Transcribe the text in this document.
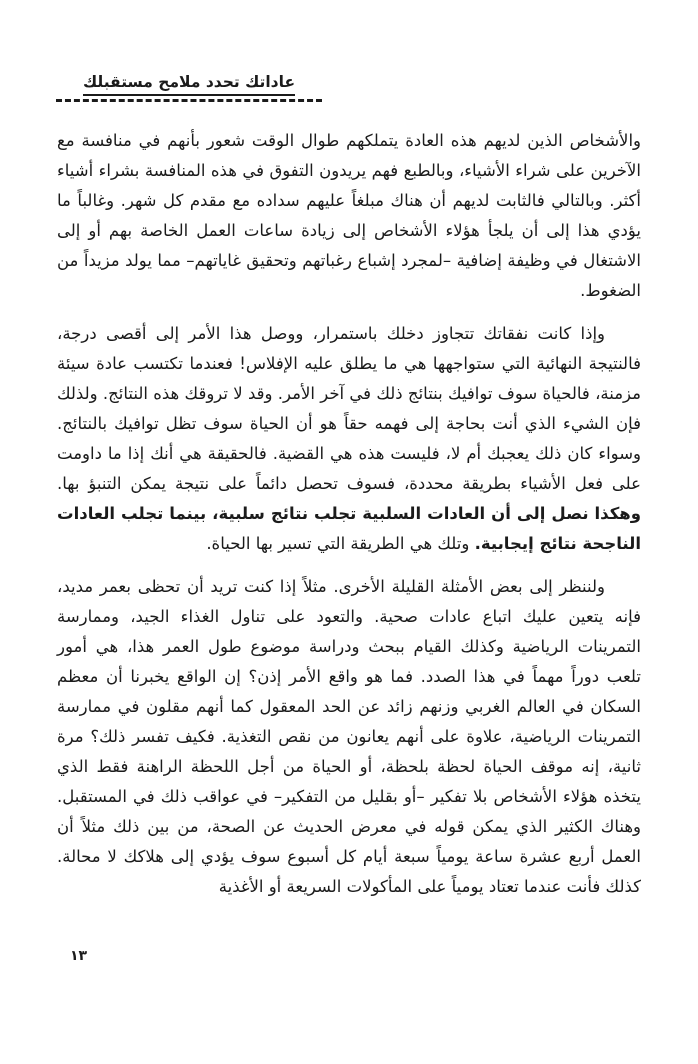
عاداتك تحدد ملامح مستقبلك

والأشخاص الذين لديهم هذه العادة يتملكهم طوال الوقت شعور بأنهم في منافسة مع الآخرين على شراء الأشياء، وبالطبع فهم يريدون التفوق في هذه المنافسة بشراء أشياء أكثر. وبالتالي فالثابت لديهم أن هناك مبلغاً عليهم سداده مع مقدم كل شهر. وغالباً ما يؤدي هذا إلى أن يلجأ هؤلاء الأشخاص إلى زيادة ساعات العمل الخاصة بهم أو إلى الاشتغال في وظيفة إضافية –لمجرد إشباع رغباتهم وتحقيق غاياتهم– مما يولد مزيداً من الضغوط.

وإذا كانت نفقاتك تتجاوز دخلك باستمرار، ووصل هذا الأمر إلى أقصى درجة، فالنتيجة النهائية التي ستواجهها هي ما يطلق عليه الإفلاس! فعندما تكتسب عادة سيئة مزمنة، فالحياة سوف توافيك بنتائج ذلك في آخر الأمر. وقد لا تروقك هذه النتائج. ولذلك فإن الشيء الذي أنت بحاجة إلى فهمه حقاً هو أن الحياة سوف تظل توافيك بالنتائج. وسواء كان ذلك يعجبك أم لا، فليست هذه هي القضية. فالحقيقة هي أنك إذا ما داومت على فعل الأشياء بطريقة محددة، فسوف تحصل دائماً على نتيجة يمكن التنبؤ بها. وهكذا نصل إلى أن العادات السلبية تجلب نتائج سلبية، بينما تجلب العادات الناجحة نتائج إيجابية. وتلك هي الطريقة التي تسير بها الحياة.

ولننظر إلى بعض الأمثلة القليلة الأخرى. مثلاً إذا كنت تريد أن تحظى بعمر مديد، فإنه يتعين عليك اتباع عادات صحية. والتعود على تناول الغذاء الجيد، وممارسة التمرينات الرياضية وكذلك القيام ببحث ودراسة موضوع طول العمر هذا، هي أمور تلعب دوراً مهماً في هذا الصدد. فما هو واقع الأمر إذن؟ إن الواقع يخبرنا أن معظم السكان في العالم الغربي وزنهم زائد عن الحد المعقول كما أنهم مقلون في ممارسة التمرينات الرياضية، علاوة على أنهم يعانون من نقص التغذية. فكيف تفسر ذلك؟ مرة ثانية، إنه موقف الحياة لحظة بلحظة، أو الحياة من أجل اللحظة الراهنة فقط الذي يتخذه هؤلاء الأشخاص بلا تفكير –أو بقليل من التفكير– في عواقب ذلك في المستقبل. وهناك الكثير الذي يمكن قوله في معرض الحديث عن الصحة، من بين ذلك مثلاً أن العمل أربع عشرة ساعة يومياً سبعة أيام كل أسبوع سوف يؤدي إلى هلاكك لا محالة. كذلك فأنت عندما تعتاد يومياً على المأكولات السريعة أو الأغذية

١٣
